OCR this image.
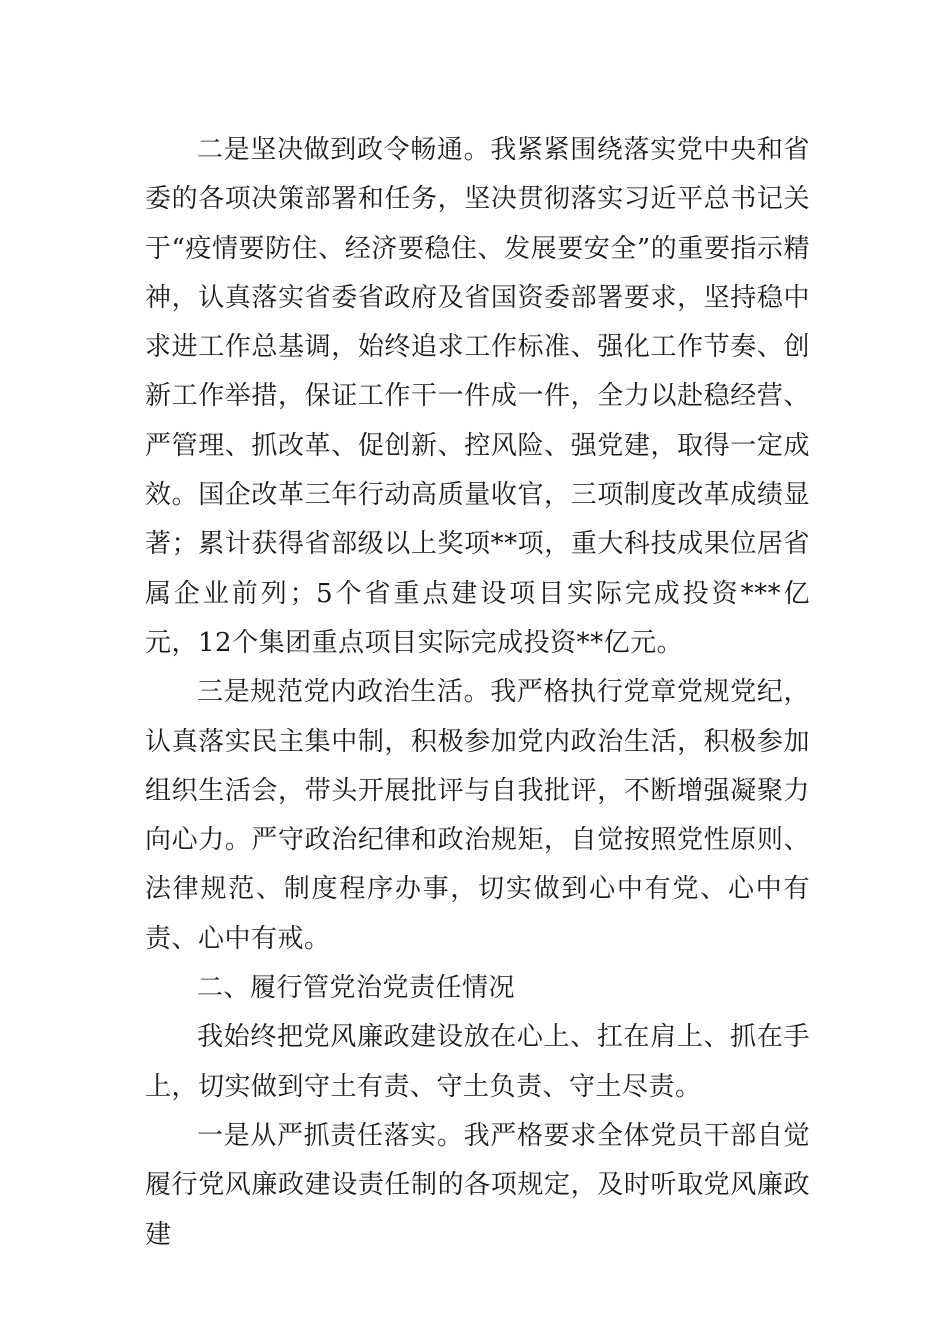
二是坚决做到政令畅通。我紧紧围绕落实党中央和省委的各项决策部署和任务，坚决贯彻落实习近平总书记关于“疫情要防住、经济要稳住、发展要安全”的重要指示精神，认真落实省委省政府及省国资委部署要求，坚持稳中求进工作总基调，始终追求工作标准、强化工作节奏、创新工作举措，保证工作干一件成一件，全力以赴稳经营、严管理、抓改革、促创新、控风险、强党建，取得一定成效。国企改革三年行动高质量收官，三项制度改革成绩显著；累计获得省部级以上奖项**项，重大科技成果位居省属企业前列；5个省重点建设项目实际完成投资***亿元，12个集团重点项目实际完成投资**亿元。

三是规范党内政治生活。我严格执行党章党规党纪，认真落实民主集中制，积极参加党内政治生活，积极参加组织生活会，带头开展批评与自我批评，不断增强凝聚力向心力。严守政治纪律和政治规矩，自觉按照党性原则、法律规范、制度程序办事，切实做到心中有党、心中有责、心中有戒。

二、履行管党治党责任情况

我始终把党风廉政建设放在心上、扛在肩上、抓在手上，切实做到守土有责、守土负责、守土尽责。

一是从严抓责任落实。我严格要求全体党员干部自觉履行党风廉政建设责任制的各项规定，及时听取党风廉政建
